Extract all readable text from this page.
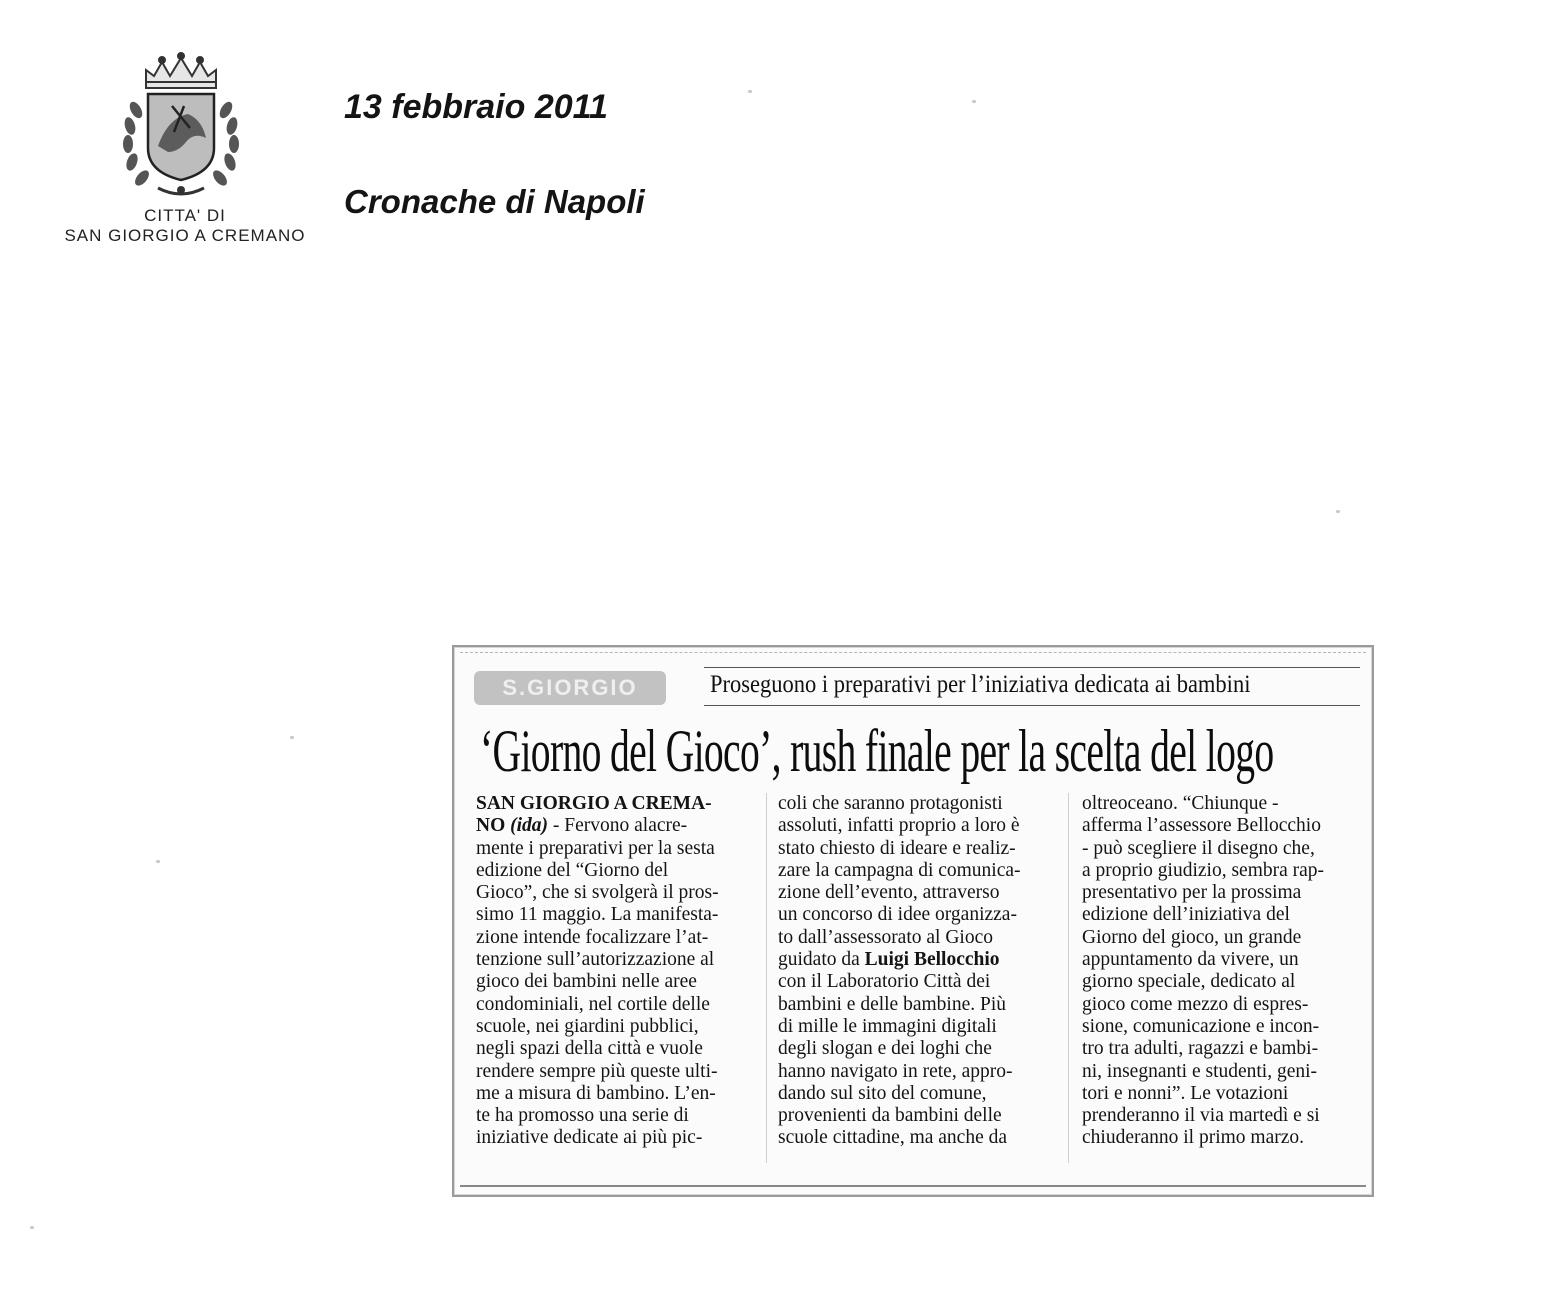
CITTA' DI
SAN GIORGIO A CREMANO
13 febbraio 2011
Cronache di Napoli
S.GIORGIO	Proseguono i preparativi per l’iniziativa dedicata ai bambini
‘Giorno del Gioco’, rush finale per la scelta del logo
SAN GIORGIO A CREMA-
NO (ida) - Fervono alacre-
mente i preparativi per la sesta
edizione del “Giorno del
Gioco”, che si svolgerà il pros-
simo 11 maggio. La manifesta-
zione intende focalizzare l’at-
tenzione sull’autorizzazione al
gioco dei bambini nelle aree
condominiali, nel cortile delle
scuole, nei giardini pubblici,
negli spazi della città e vuole
rendere sempre più queste ulti-
me a misura di bambino. L’en-
te ha promosso una serie di
iniziative dedicate ai più pic-
coli che saranno protagonisti
assoluti, infatti proprio a loro è
stato chiesto di ideare e realiz-
zare la campagna di comunica-
zione dell’evento, attraverso
un concorso di idee organizza-
to dall’assessorato al Gioco
guidato da Luigi Bellocchio
con il Laboratorio Città dei
bambini e delle bambine. Più
di mille le immagini digitali
degli slogan e dei loghi che
hanno navigato in rete, appro-
dando sul sito del comune,
provenienti da bambini delle
scuole cittadine, ma anche da
oltreoceano. “Chiunque -
afferma l’assessore Bellocchio
- può scegliere il disegno che,
a proprio giudizio, sembra rap-
presentativo per la prossima
edizione dell’iniziativa del
Giorno del gioco, un grande
appuntamento da vivere, un
giorno speciale, dedicato al
gioco come mezzo di espres-
sione, comunicazione e incon-
tro tra adulti, ragazzi e bambi-
ni, insegnanti e studenti, geni-
tori e nonni”. Le votazioni
prenderanno il via martedì e si
chiuderanno il primo marzo.
